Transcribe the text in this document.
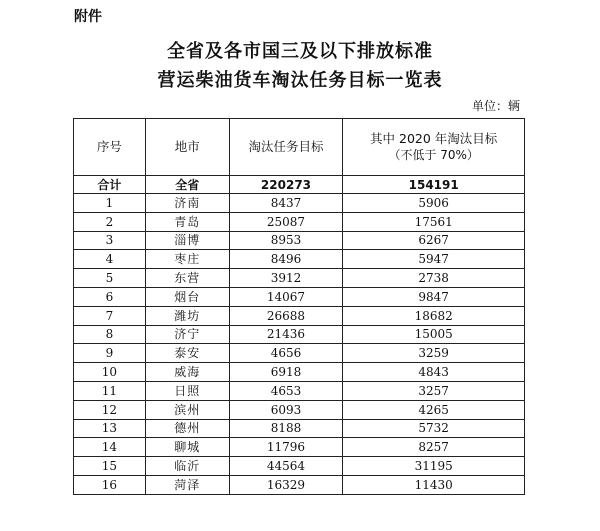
附件
全省及各市国三及以下排放标准
营运柴油货车淘汰任务目标一览表
单位：辆
序号	地市	淘汰任务目标	其中 2020 年淘汰目标
（不低于 70%）

合计	全省	220273	154191
1	济南	8437	5906
2	青岛	25087	17561
3	淄博	8953	6267
4	枣庄	8496	5947
5	东营	3912	2738
6	烟台	14067	9847
7	潍坊	26688	18682
8	济宁	21436	15005
9	泰安	4656	3259
10	威海	6918	4843
11	日照	4653	3257
12	滨州	6093	4265
13	德州	8188	5732
14	聊城	11796	8257
15	临沂	44564	31195
16	菏泽	16329	11430
